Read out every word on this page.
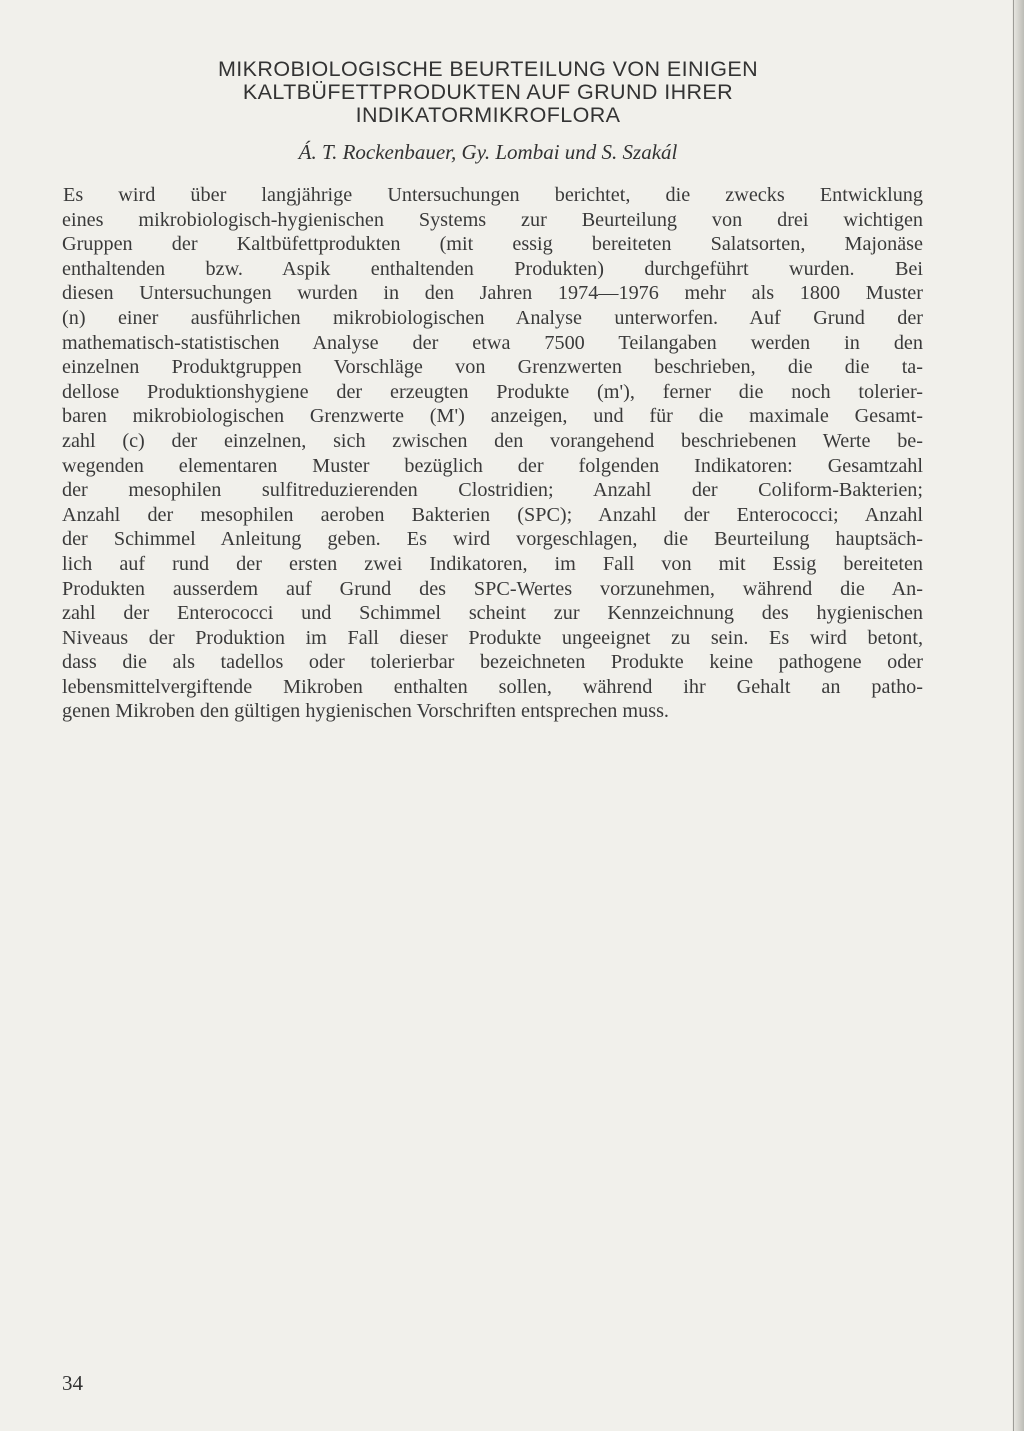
MIKROBIOLOGISCHE BEURTEILUNG VON EINIGEN
KALTBÜFETTPRODUKTEN AUF GRUND IHRER
INDIKATORMIKROFLORA

Á. T. Rockenbauer, Gy. Lombai und S. Szakál

Es wird über langjährige Untersuchungen berichtet, die zwecks Entwicklung
eines mikrobiologisch-hygienischen Systems zur Beurteilung von drei wichtigen
Gruppen der Kaltbüfettprodukten (mit essig bereiteten Salatsorten, Majonäse
enthaltenden bzw. Aspik enthaltenden Produkten) durchgeführt wurden. Bei
diesen Untersuchungen wurden in den Jahren 1974—1976 mehr als 1800 Muster
(n) einer ausführlichen mikrobiologischen Analyse unterworfen. Auf Grund der
mathematisch-statistischen Analyse der etwa 7500 Teilangaben werden in den
einzelnen Produktgruppen Vorschläge von Grenzwerten beschrieben, die die ta-
dellose Produktionshygiene der erzeugten Produkte (m'), ferner die noch tolerier-
baren mikrobiologischen Grenzwerte (M') anzeigen, und für die maximale Gesamt-
zahl (c) der einzelnen, sich zwischen den vorangehend beschriebenen Werte be-
wegenden elementaren Muster bezüglich der folgenden Indikatoren: Gesamtzahl
der mesophilen sulfitreduzierenden Clostridien; Anzahl der Coliform-Bakterien;
Anzahl der mesophilen aeroben Bakterien (SPC); Anzahl der Enterococci; Anzahl
der Schimmel Anleitung geben. Es wird vorgeschlagen, die Beurteilung hauptsäch-
lich auf rund der ersten zwei Indikatoren, im Fall von mit Essig bereiteten
Produkten ausserdem auf Grund des SPC-Wertes vorzunehmen, während die An-
zahl der Enterococci und Schimmel scheint zur Kennzeichnung des hygienischen
Niveaus der Produktion im Fall dieser Produkte ungeeignet zu sein. Es wird betont,
dass die als tadellos oder tolerierbar bezeichneten Produkte keine pathogene oder
lebensmittelvergiftende Mikroben enthalten sollen, während ihr Gehalt an patho-
genen Mikroben den gültigen hygienischen Vorschriften entsprechen muss.
34
